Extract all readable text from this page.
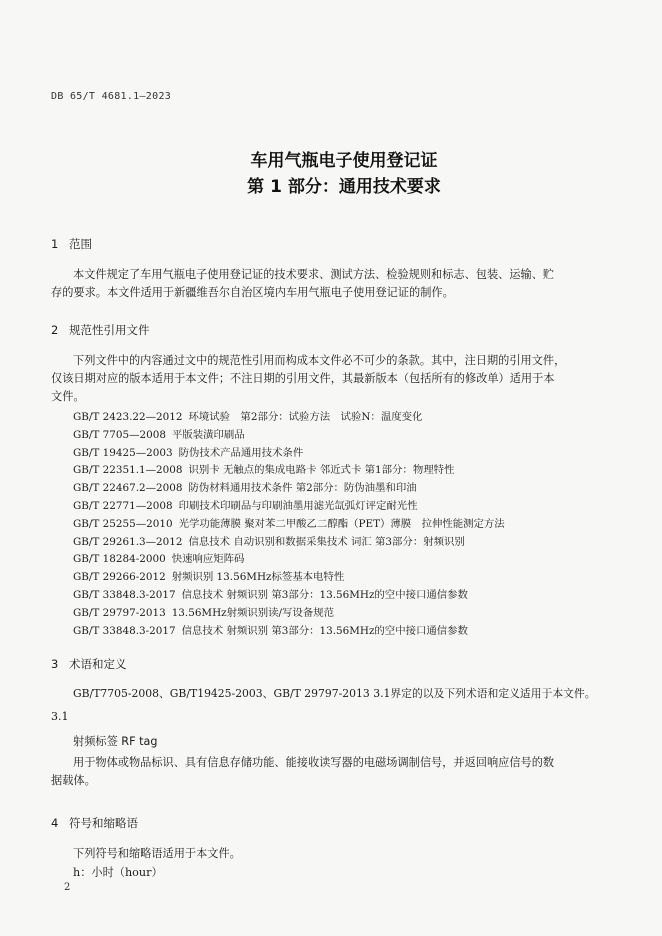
DB 65/T 4681.1—2023
车用气瓶电子使用登记证
第 1 部分：通用技术要求
1 范围
本文件规定了车用气瓶电子使用登记证的技术要求、测试方法、检验规则和标志、包装、运输、贮
存的要求。本文件适用于新疆维吾尔自治区境内车用气瓶电子使用登记证的制作。
2 规范性引用文件
下列文件中的内容通过文中的规范性引用而构成本文件必不可少的条款。其中，注日期的引用文件，
仅该日期对应的版本适用于本文件；不注日期的引用文件，其最新版本（包括所有的修改单）适用于本
文件。
GB/T 2423.22—2012 环境试验　第2部分：试验方法　试验N：温度变化
GB/T 7705—2008 平版装潢印刷品
GB/T 19425—2003 防伪技术产品通用技术条件
GB/T 22351.1—2008 识别卡 无触点的集成电路卡 邻近式卡 第1部分：物理特性
GB/T 22467.2—2008 防伪材料通用技术条件 第2部分：防伪油墨和印油
GB/T 22771—2008 印刷技术印刷品与印刷油墨用滤光氙弧灯评定耐光性
GB/T 25255—2010 光学功能薄膜 聚对苯二甲酸乙二醇酯（PET）薄膜　拉伸性能测定方法
GB/T 29261.3—2012 信息技术 自动识别和数据采集技术 词汇 第3部分：射频识别
GB/T 18284-2000 快速响应矩阵码
GB/T 29266-2012 射频识别 13.56MHz标签基本电特性
GB/T 33848.3-2017 信息技术 射频识别 第3部分：13.56MHz的空中接口通信参数
GB/T 29797-2013 13.56MHz射频识别读/写设备规范
GB/T 33848.3-2017 信息技术 射频识别 第3部分：13.56MHz的空中接口通信参数
3 术语和定义
GB/T7705-2008、GB/T19425-2003、GB/T 29797-2013 3.1界定的以及下列术语和定义适用于本文件。
3.1
射频标签 RF tag
用于物体或物品标识、具有信息存储功能、能接收读写器的电磁场调制信号，并返回响应信号的数
据载体。
4 符号和缩略语
下列符号和缩略语适用于本文件。
h：小时（hour）
2
